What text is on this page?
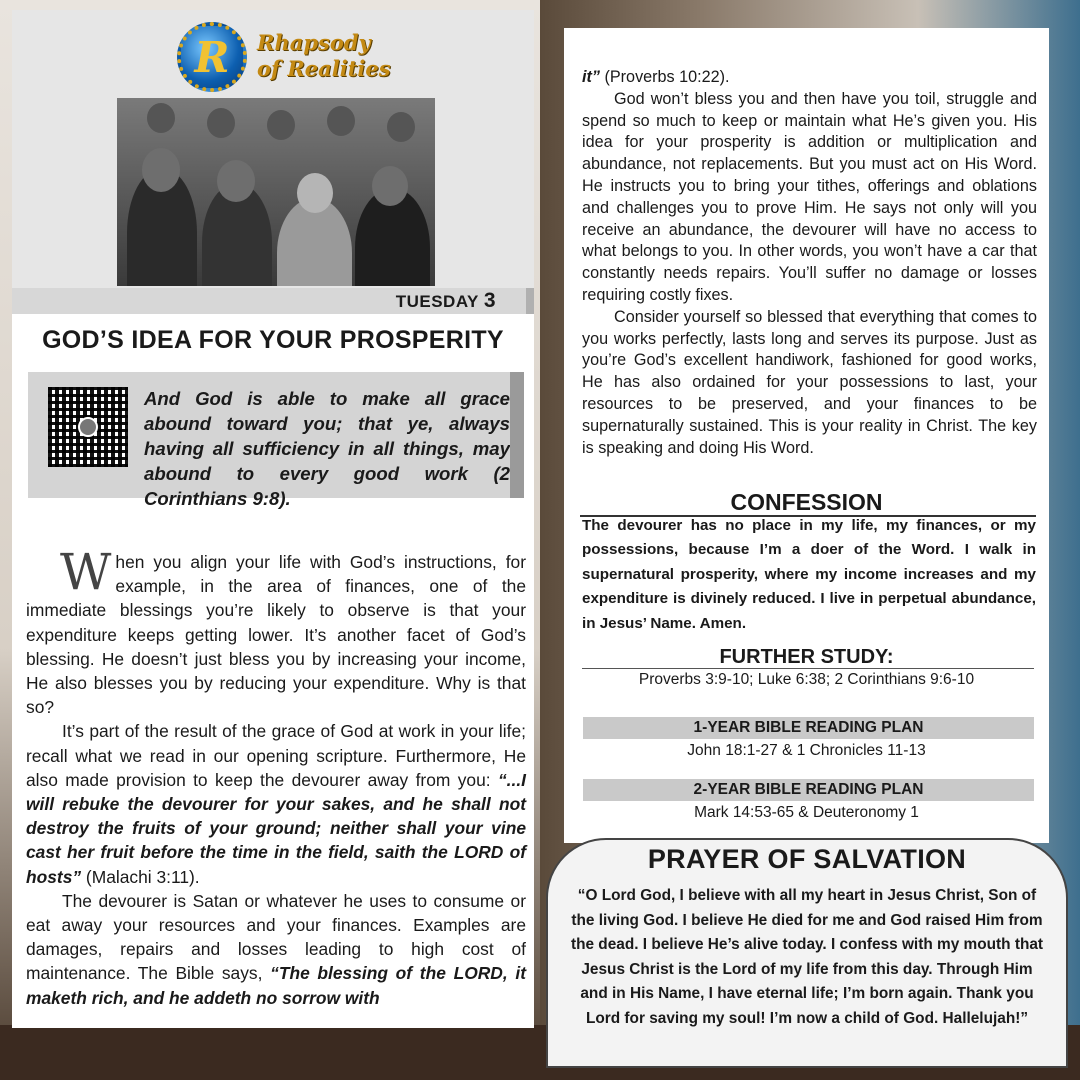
R Rhapsody
of Realities
TUESDAY 3
GOD’S IDEA FOR YOUR PROSPERITY
And God is able to make all grace abound toward you; that ye, always having all sufficiency in all things, may abound to every good work (2 Corinthians 9:8).

When you align your life with God’s instructions, for example, in the area of finances, one of the immediate blessings you’re likely to observe is that your expenditure keeps getting lower. It’s another facet of God’s blessing. He doesn’t just bless you by increasing your income, He also blesses you by reducing your expenditure. Why is that so?

It’s part of the result of the grace of God at work in your life; recall what we read in our opening scripture. Furthermore, He also made provision to keep the devourer away from you: “...I will rebuke the devourer for your sakes, and he shall not destroy the fruits of your ground; neither shall your vine cast her fruit before the time in the field, saith the LORD of hosts” (Malachi 3:11).

The devourer is Satan or whatever he uses to consume or eat away your resources and your finances. Examples are damages, repairs and losses leading to high cost of maintenance. The Bible says, “The blessing of the LORD, it maketh rich, and he addeth no sorrow with

it” (Proverbs 10:22).

God won’t bless you and then have you toil, struggle and spend so much to keep or maintain what He’s given you. His idea for your prosperity is addition or multiplication and abundance, not replacements. But you must act on His Word. He instructs you to bring your tithes, offerings and oblations and challenges you to prove Him. He says not only will you receive an abundance, the devourer will have no access to what belongs to you. In other words, you won’t have a car that constantly needs repairs. You’ll suffer no damage or losses requiring costly fixes.

Consider yourself so blessed that everything that comes to you works perfectly, lasts long and serves its purpose. Just as you’re God’s excellent handiwork, fashioned for good works, He has also ordained for your possessions to last, your resources to be preserved, and your finances to be supernaturally sustained. This is your reality in Christ. The key is speaking and doing His Word.

CONFESSION
The devourer has no place in my life, my finances, or my possessions, because I’m a doer of the Word. I walk in supernatural prosperity, where my income increases and my expenditure is divinely reduced. I live in perpetual abundance, in Jesus’ Name. Amen.
FURTHER STUDY:
Proverbs 3:9-10; Luke 6:38; 2 Corinthians 9:6-10
1-YEAR BIBLE READING PLAN
John 18:1-27 & 1 Chronicles 11-13
2-YEAR BIBLE READING PLAN
Mark 14:53-65 & Deuteronomy 1
PRAYER OF SALVATION
“O Lord God, I believe with all my heart in Jesus Christ, Son of the living God. I believe He died for me and God raised Him from the dead. I believe He’s alive today. I confess with my mouth that Jesus Christ is the Lord of my life from this day. Through Him and in His Name, I have eternal life; I’m born again. Thank you Lord for saving my soul! I’m now a child of God. Hallelujah!”
